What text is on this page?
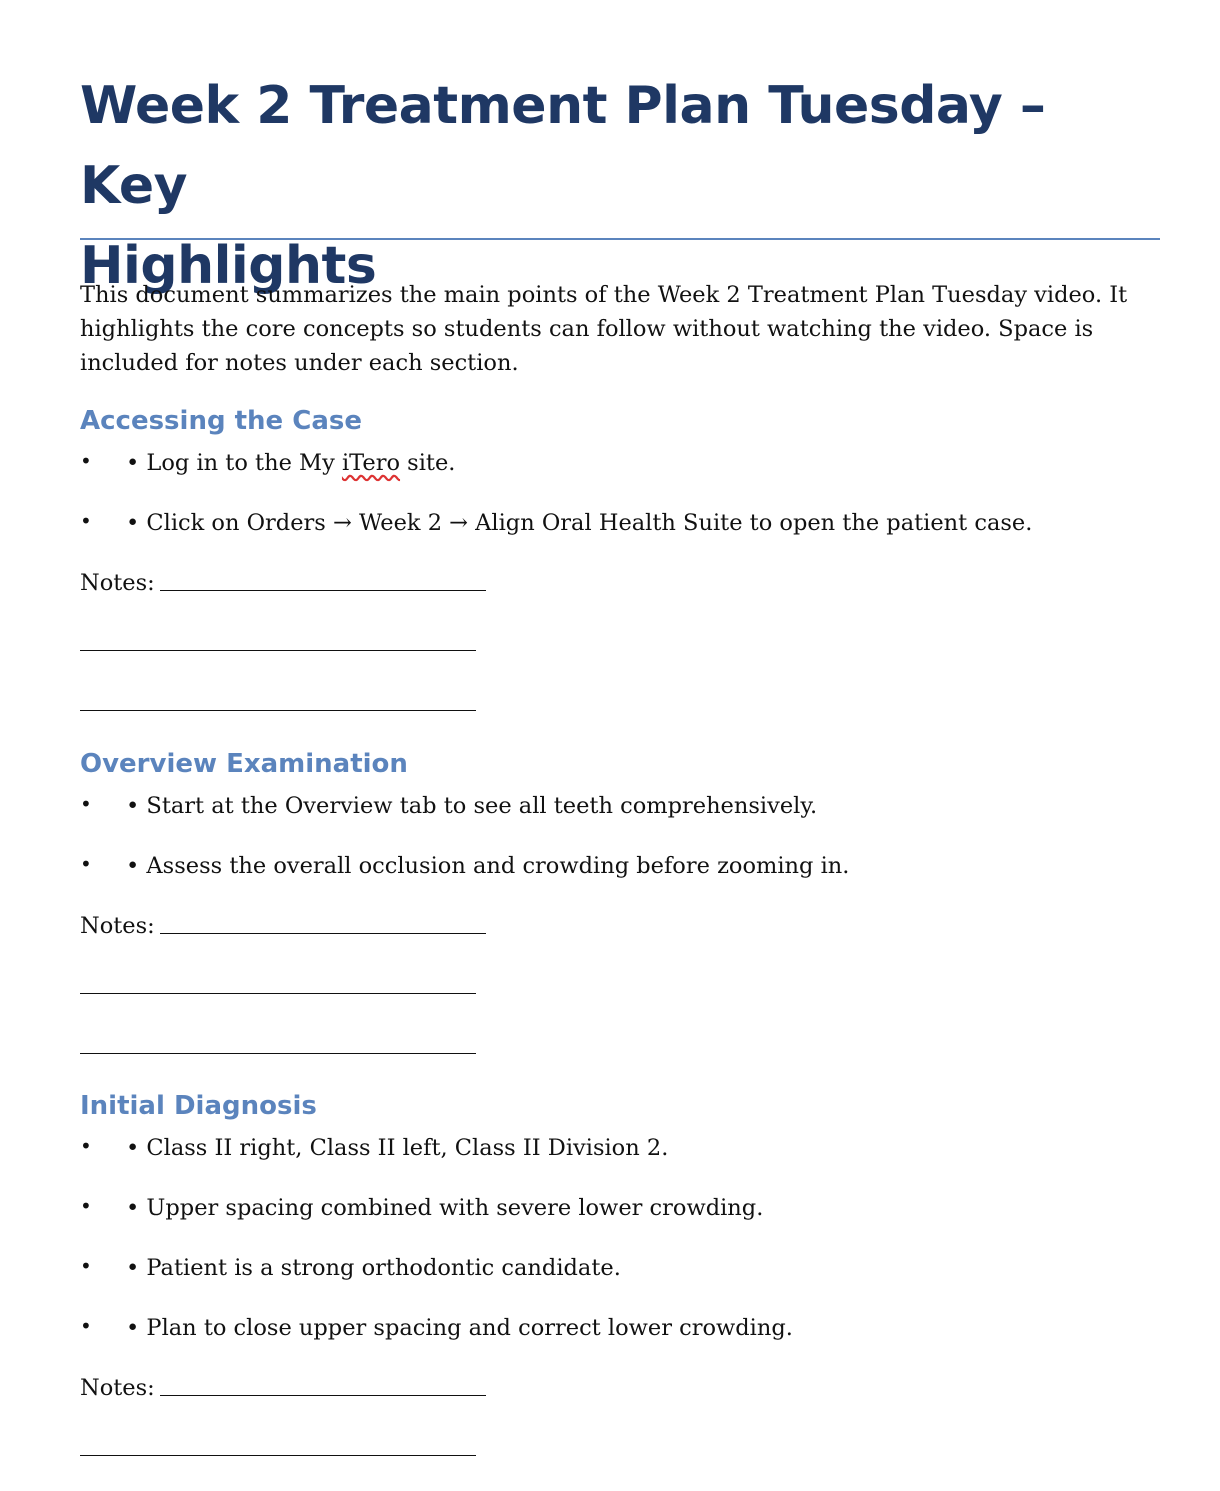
Week 2 Treatment Plan Tuesday – Key
Highlights

This document summarizes the main points of the Week 2 Treatment Plan Tuesday video. It highlights the core concepts so students can follow without watching the video. Space is included for notes under each section.

Accessing the Case
• • Log in to the My iTero site.
• • Click on Orders → Week 2 → Align Oral Health Suite to open the patient case.
Notes:
Overview Examination
• • Start at the Overview tab to see all teeth comprehensively.
• • Assess the overall occlusion and crowding before zooming in.
Notes:
Initial Diagnosis
• • Class II right, Class II left, Class II Division 2.
• • Upper spacing combined with severe lower crowding.
• • Patient is a strong orthodontic candidate.
• • Plan to close upper spacing and correct lower crowding.
Notes:
